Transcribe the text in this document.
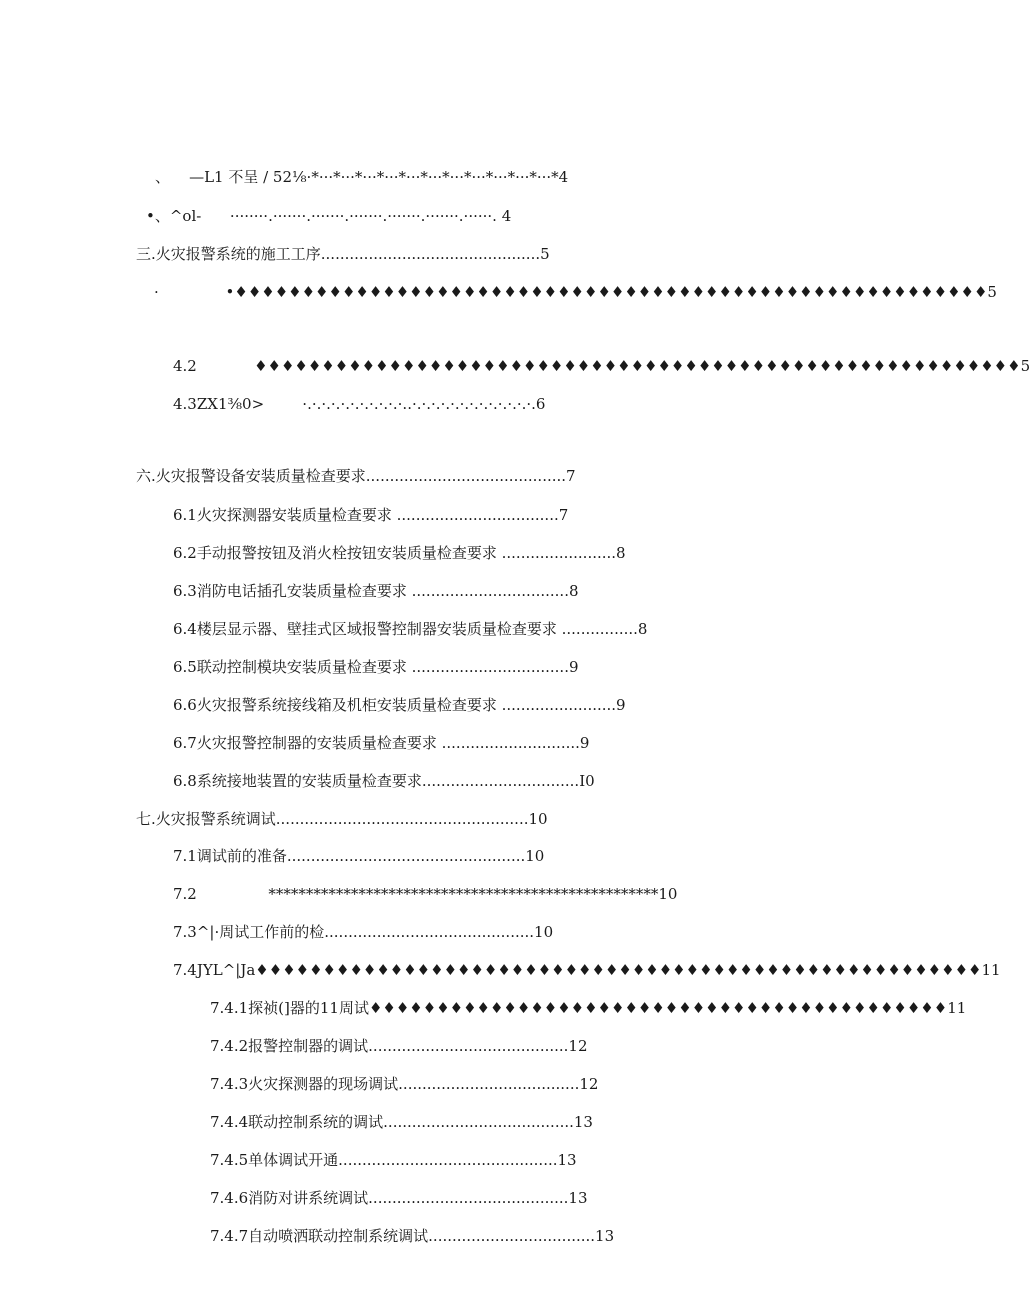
、    —L1 不呈 / 52⅛·*···*···*···*···*···*···*···*···*···*···*···*4
•、^ol-      ········.·······.·······.·······.·······.·······.······. 4
三.火灾报警系统的施工工序..............................................5
·              •♦♦♦♦♦♦♦♦♦♦♦♦♦♦♦♦♦♦♦♦♦♦♦♦♦♦♦♦♦♦♦♦♦♦♦♦♦♦♦♦♦♦♦♦♦♦♦♦♦♦♦♦♦♦♦♦5
4.2            ♦♦♦♦♦♦♦♦♦♦♦♦♦♦♦♦♦♦♦♦♦♦♦♦♦♦♦♦♦♦♦♦♦♦♦♦♦♦♦♦♦♦♦♦♦♦♦♦♦♦♦♦♦♦♦♦♦5
4.3ZX1⅜0>        ·.·.·.·.·.·.·.·.·.·.·..·.·.·.·.·.·.·.·.·.·.·.·.·.6
六.火灾报警设备安装质量检查要求..........................................7
6.1火灾探测器安装质量检查要求 ..................................7
6.2手动报警按钮及消火栓按钮安装质量检查要求 ........................8
6.3消防电话插孔安装质量检查要求 .................................8
6.4楼层显示器、壁挂式区域报警控制器安装质量检查要求 ................8
6.5联动控制模块安装质量检查要求 .................................9
6.6火灾报警系统接线箱及机柜安装质量检查要求 ........................9
6.7火灾报警控制器的安装质量检查要求 .............................9
6.8系统接地装置的安装质量检查要求.................................I0
七.火灾报警系统调试.....................................................10
7.1调试前的准备..................................................10
7.2               ****************************************************10
7.3^|·周试工作前的检............................................10
7.4JYL^|Ja♦♦♦♦♦♦♦♦♦♦♦♦♦♦♦♦♦♦♦♦♦♦♦♦♦♦♦♦♦♦♦♦♦♦♦♦♦♦♦♦♦♦♦♦♦♦♦♦♦♦♦♦♦♦11
7.4.1探祯(]器的11周试♦♦♦♦♦♦♦♦♦♦♦♦♦♦♦♦♦♦♦♦♦♦♦♦♦♦♦♦♦♦♦♦♦♦♦♦♦♦♦♦♦♦♦11
7.4.2报警控制器的调试..........................................12
7.4.3火灾探测器的现场调试......................................12
7.4.4联动控制系统的调试........................................13
7.4.5单体调试开通..............................................13
7.4.6消防对讲系统调试..........................................13
7.4.7自动喷洒联动控制系统调试...................................13
